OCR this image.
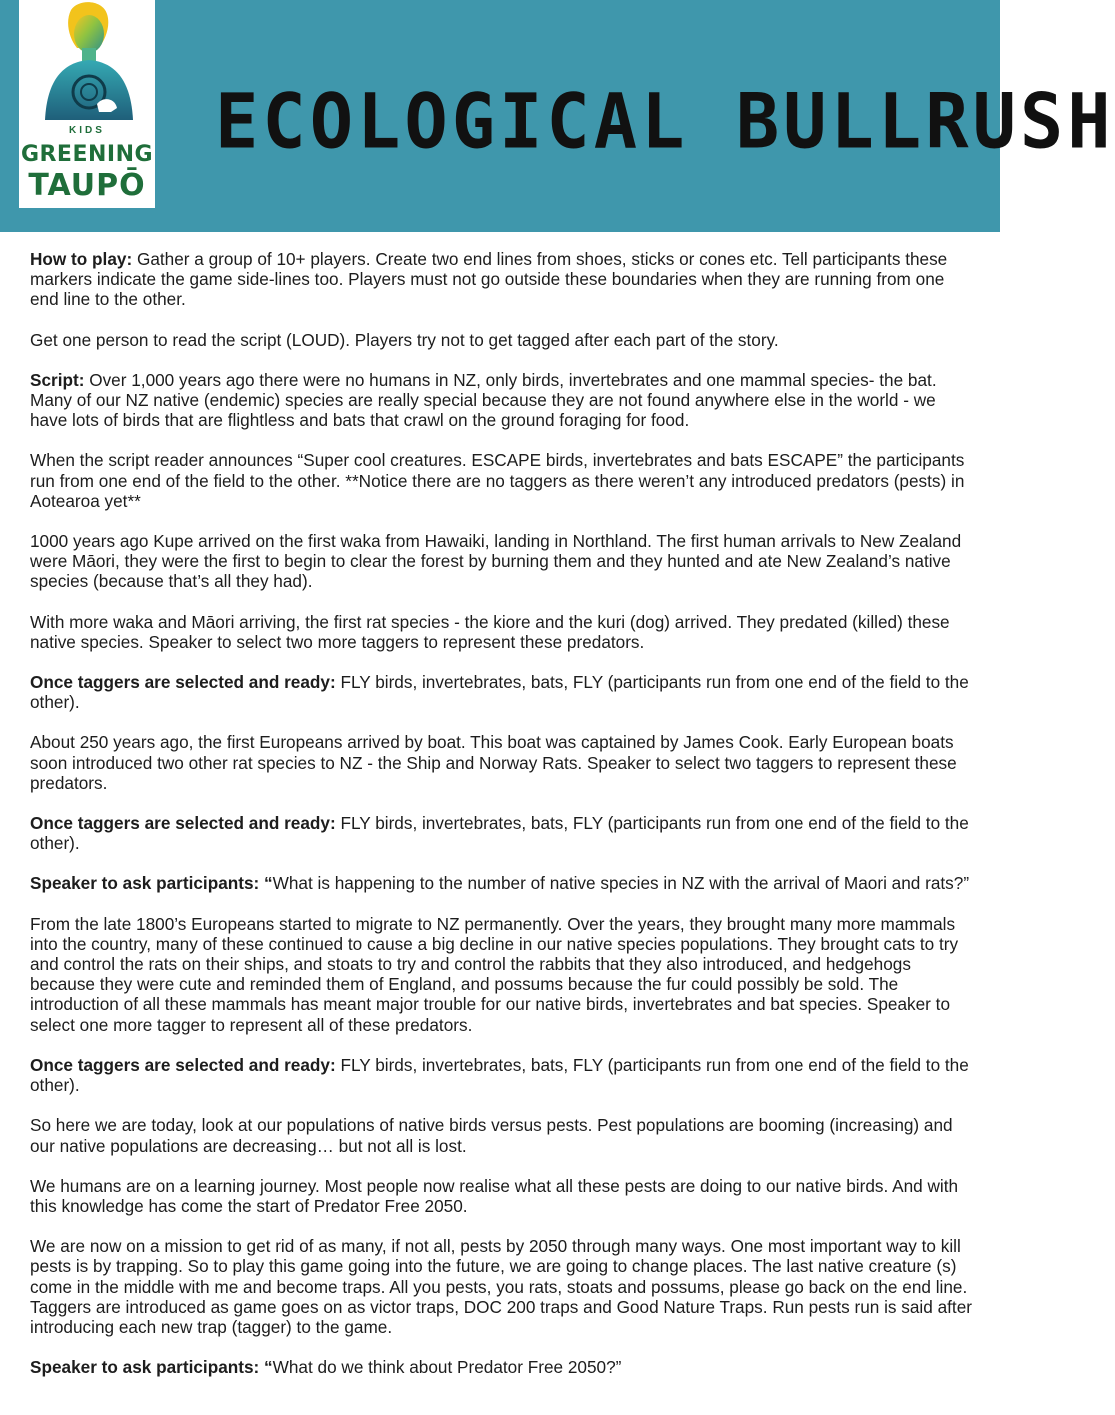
KIDS
GREENING
TAUPŌ
ECOLOGICAL BULLRUSH

How to play: Gather a group of 10+ players. Create two end lines from shoes, sticks or cones etc. Tell participants these markers indicate the game side-lines too. Players must not go outside these boundaries when they are running from one end line to the other.

Get one person to read the script (LOUD). Players try not to get tagged after each part of the story.

Script: Over 1,000 years ago there were no humans in NZ, only birds, invertebrates and one mammal species- the bat. Many of our NZ native (endemic) species are really special because they are not found anywhere else in the world - we have lots of birds that are flightless and bats that crawl on the ground foraging for food.

When the script reader announces “Super cool creatures. ESCAPE birds, invertebrates and bats ESCAPE” the participants run from one end of the field to the other. **Notice there are no taggers as there weren’t any introduced predators (pests) in Aotearoa yet**

1000 years ago Kupe arrived on the first waka from Hawaiki, landing in Northland. The first human arrivals to New Zealand were Māori, they were the first to begin to clear the forest by burning them and they hunted and ate New Zealand’s native species (because that’s all they had).

With more waka and Māori arriving, the first rat species - the kiore and the kuri (dog) arrived. They predated (killed) these native species. Speaker to select two more taggers to represent these predators.

Once taggers are selected and ready: FLY birds, invertebrates, bats, FLY (participants run from one end of the field to the other).

About 250 years ago, the first Europeans arrived by boat. This boat was captained by James Cook. Early European boats soon introduced two other rat species to NZ - the Ship and Norway Rats. Speaker to select two taggers to represent these predators.

Once taggers are selected and ready: FLY birds, invertebrates, bats, FLY (participants run from one end of the field to the other).

Speaker to ask participants: “What is happening to the number of native species in NZ with the arrival of Maori and rats?”

From the late 1800’s Europeans started to migrate to NZ permanently. Over the years, they brought many more mammals into the country, many of these continued to cause a big decline in our native species populations. They brought cats to try and control the rats on their ships, and stoats to try and control the rabbits that they also introduced, and hedgehogs because they were cute and reminded them of England, and possums because the fur could possibly be sold. The introduction of all these mammals has meant major trouble for our native birds, invertebrates and bat species. Speaker to select one more tagger to represent all of these predators.

Once taggers are selected and ready: FLY birds, invertebrates, bats, FLY (participants run from one end of the field to the other).

So here we are today, look at our populations of native birds versus pests. Pest populations are booming (increasing) and our native populations are decreasing… but not all is lost.

We humans are on a learning journey. Most people now realise what all these pests are doing to our native birds. And with this knowledge has come the start of Predator Free 2050.

We are now on a mission to get rid of as many, if not all, pests by 2050 through many ways. One most important way to kill pests is by trapping. So to play this game going into the future, we are going to change places. The last native creature (s) come in the middle with me and become traps. All you pests, you rats, stoats and possums, please go back on the end line. Taggers are introduced as game goes on as victor traps, DOC 200 traps and Good Nature Traps. Run pests run is said after introducing each new trap (tagger) to the game.

Speaker to ask participants: “What do we think about Predator Free 2050?”
